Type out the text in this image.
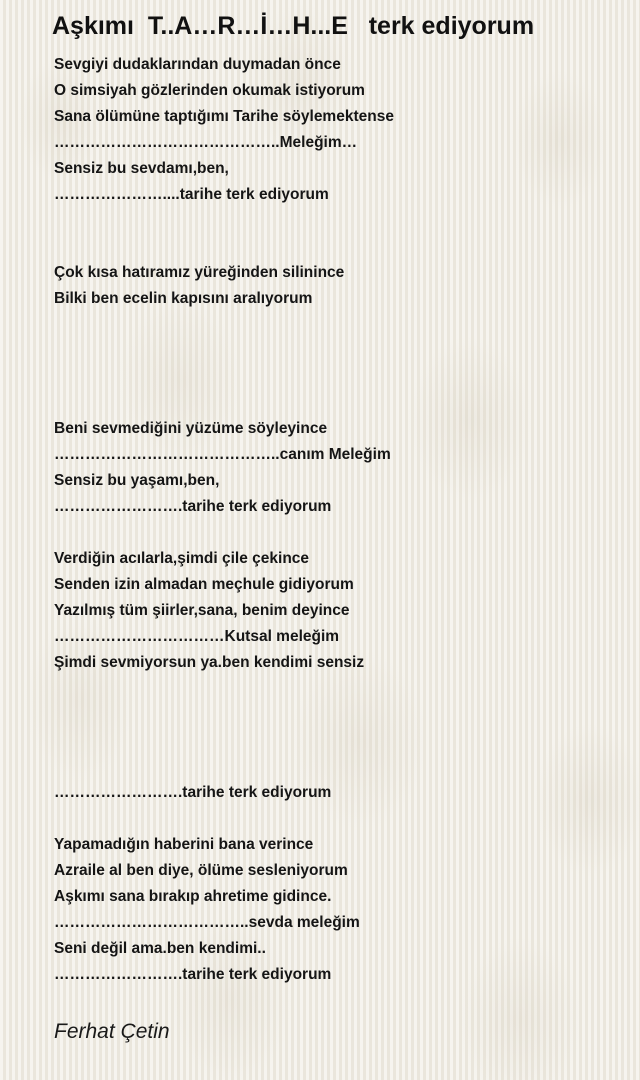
Aşkımı  T..A…R…İ…H...E   terk ediyorum
Sevgiyi dudaklarından duymadan önce
O simsiyah gözlerinden okumak istiyorum
Sana ölümüne taptığımı Tarihe söylemektense
……………………………………..Meleğim…
Sensiz bu sevdamı,ben,
…………………....tarihe terk ediyorum
Çok kısa hatıramız yüreğinden silinince
Bilki ben ecelin kapısını aralıyorum
Beni sevmediğini yüzüme söyleyince
……………………………………..canım Meleğim
Sensiz bu yaşamı,ben,
…………………….tarihe terk ediyorum
Verdiğin acılarla,şimdi çile çekince
Senden izin almadan meçhule gidiyorum
Yazılmış tüm şiirler,sana, benim deyince
……………………………Kutsal meleğim
Şimdi sevmiyorsun ya.ben kendimi sensiz
…………………….tarihe terk ediyorum
Yapamadığın haberini bana verince
Azraile al ben diye, ölüme sesleniyorum
Aşkımı sana bırakıp ahretime gidince.
………………………………..sevda meleğim
Seni değil ama.ben kendimi..
…………………….tarihe terk ediyorum
Ferhat Çetin
